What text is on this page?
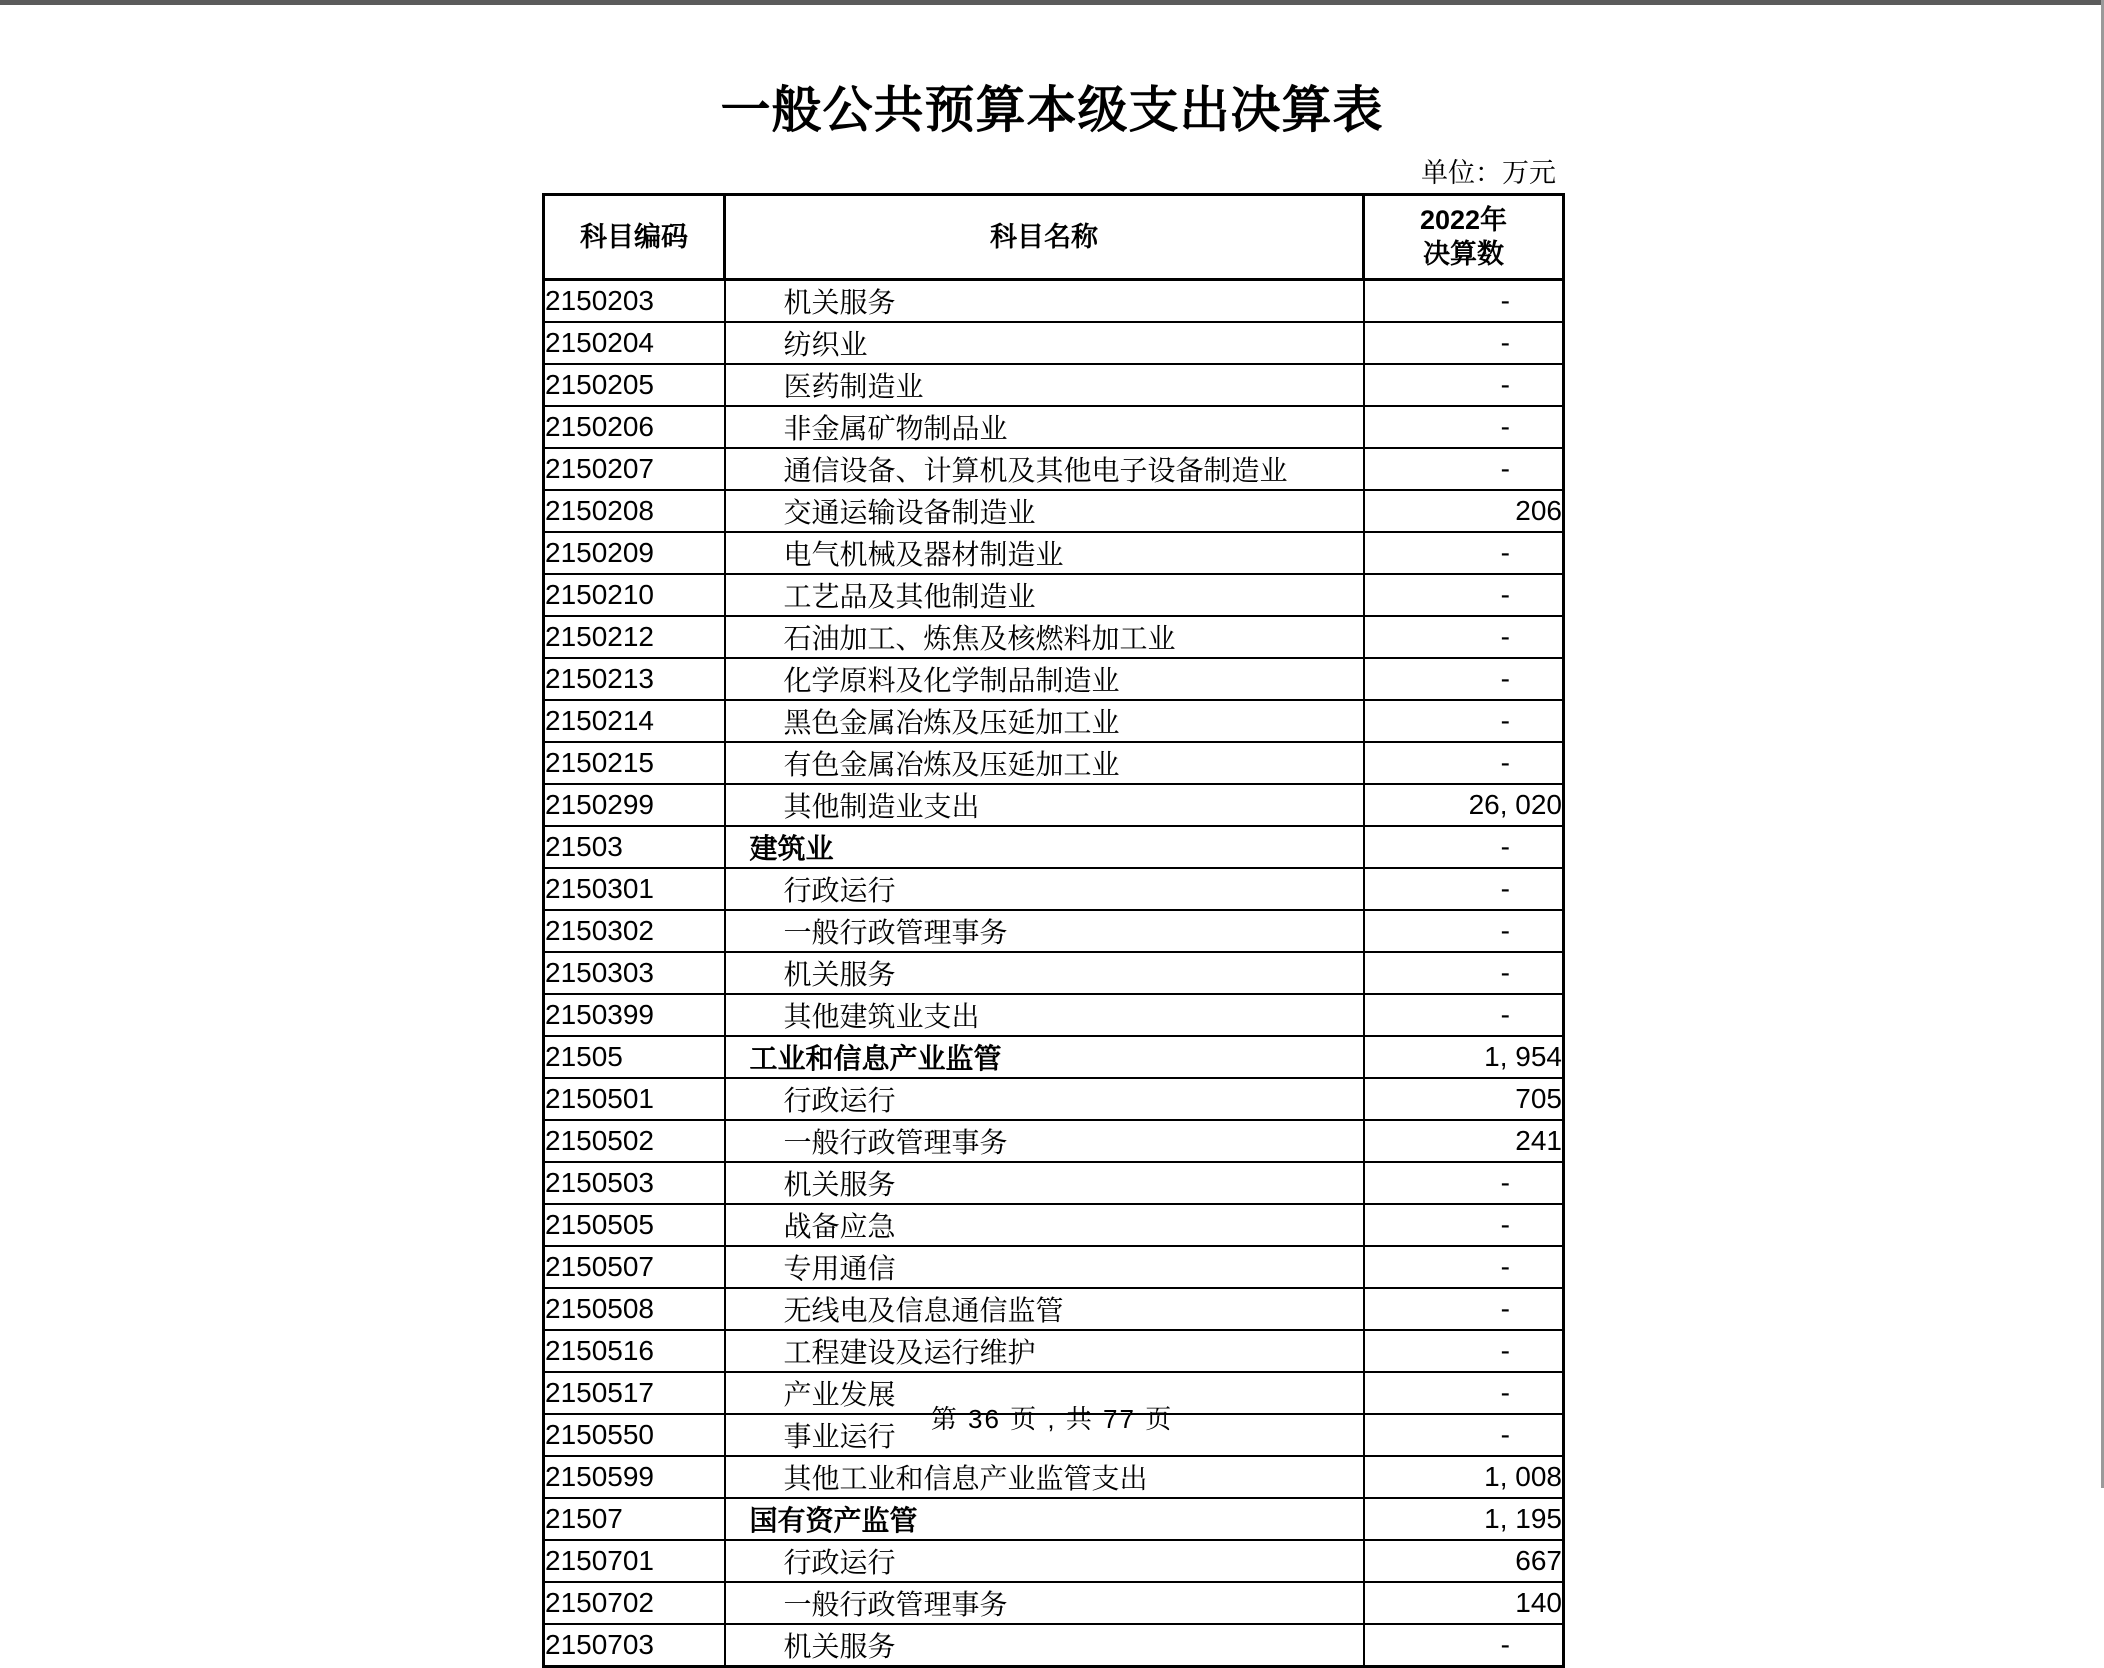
一般公共预算本级支出决算表
单位：万元
科目编码	科目名称	2022年
决算数

2150203	机关服务	-
2150204	纺织业	-
2150205	医药制造业	-
2150206	非金属矿物制品业	-
2150207	通信设备、计算机及其他电子设备制造业	-
2150208	交通运输设备制造业	206
2150209	电气机械及器材制造业	-
2150210	工艺品及其他制造业	-
2150212	石油加工、炼焦及核燃料加工业	-
2150213	化学原料及化学制品制造业	-
2150214	黑色金属冶炼及压延加工业	-
2150215	有色金属冶炼及压延加工业	-
2150299	其他制造业支出	26, 020
21503	建筑业	-
2150301	行政运行	-
2150302	一般行政管理事务	-
2150303	机关服务	-
2150399	其他建筑业支出	-
21505	工业和信息产业监管	1, 954
2150501	行政运行	705
2150502	一般行政管理事务	241
2150503	机关服务	-
2150505	战备应急	-
2150507	专用通信	-
2150508	无线电及信息通信监管	-
2150516	工程建设及运行维护	-
2150517	产业发展	-
2150550	事业运行	-
2150599	其他工业和信息产业监管支出	1, 008
21507	国有资产监管	1, 195
2150701	行政运行	667
2150702	一般行政管理事务	140
2150703	机关服务	-
第 36 页 , 共 77 页
